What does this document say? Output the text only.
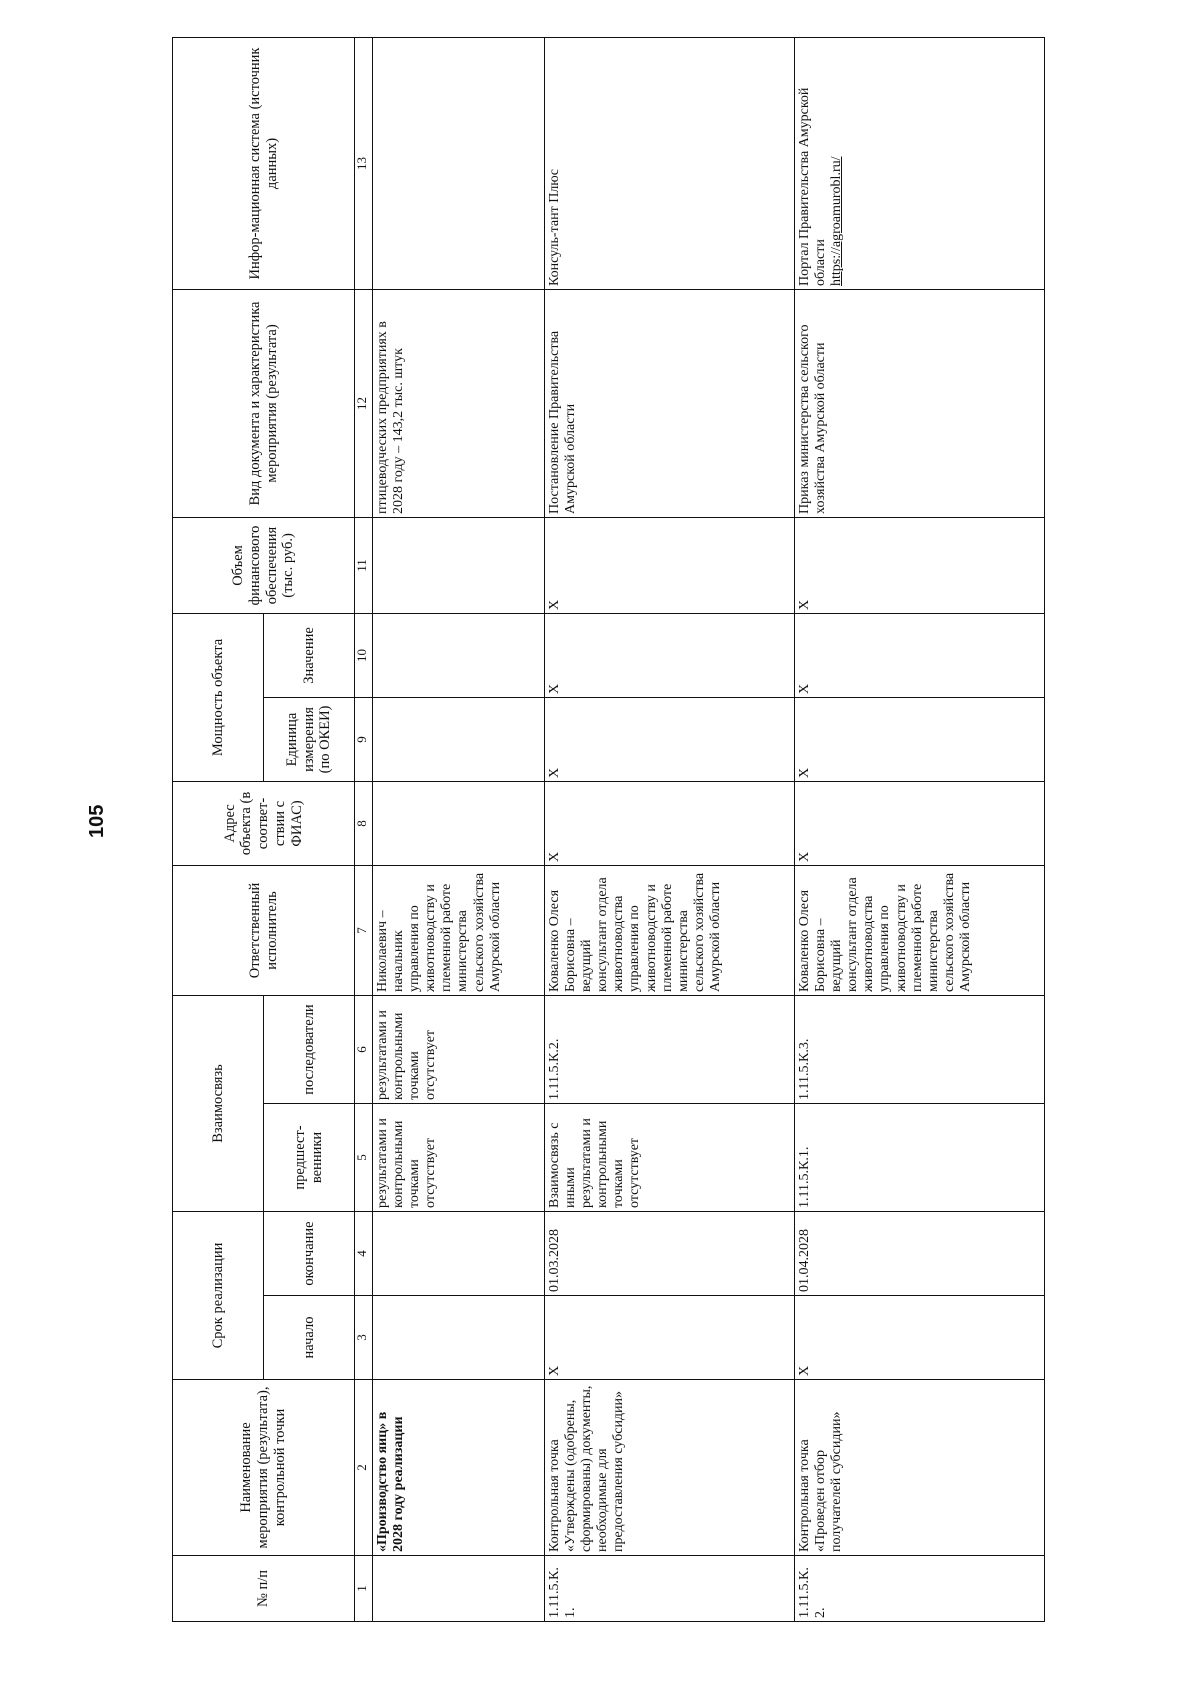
105
№ п/п	Наименование мероприятия (результата), контрольной точки	Срок реализации		Взаимосвязь		Ответственный исполнитель	Адрес объекта (в соответ-ствии с ФИАС)	Мощность объекта		Объем финансового обеспечения (тыс. руб.)	Вид документа и характеристика мероприятия (результата)	Инфор-мационная система (источник данных)
		начало	окончание	предшест-венники	последователи			Единица измерения (по ОКЕИ)	Значение			
1	2	3	4	5	6	7	8	9	10	11	12	13
	«Производство яиц» в 2028 году реализации			результатами и контрольными точками отсутствует	результатами и контрольными точками отсутствует	Николаевич – начальник управления по животноводству и племенной работе министерства сельского хозяйства Амурской области					птицеводческих предприятиях в 2028 году – 143,2 тыс. штук	
1.11.5.К. 1.	Контрольная точка «Утверждены (одобрены, сформированы) документы, необходимые для предоставления субсидии»	X	01.03.2028	Взаимосвязь с иными результатами и контрольными точками отсутствует	1.11.5.К.2.	Коваленко Олеся Борисовна – ведущий консультант отдела животноводства управления по животноводству и племенной работе министерства сельского хозяйства Амурской области	X	X	X	X	Постановление Правительства Амурской области	Консуль-тант Плюс
1.11.5.К. 2.	Контрольная точка «Проведен отбор получателей субсидии»	X	01.04.2028	1.11.5.К.1.	1.11.5.К.3.	Коваленко Олеся Борисовна – ведущий консультант отдела животноводства управления по животноводству и племенной работе министерства сельского хозяйства Амурской области	X	X	X	X	Приказ министерства сельского хозяйства Амурской области	Портал Правительства Амурской области
https://agroamurobl.ru/
